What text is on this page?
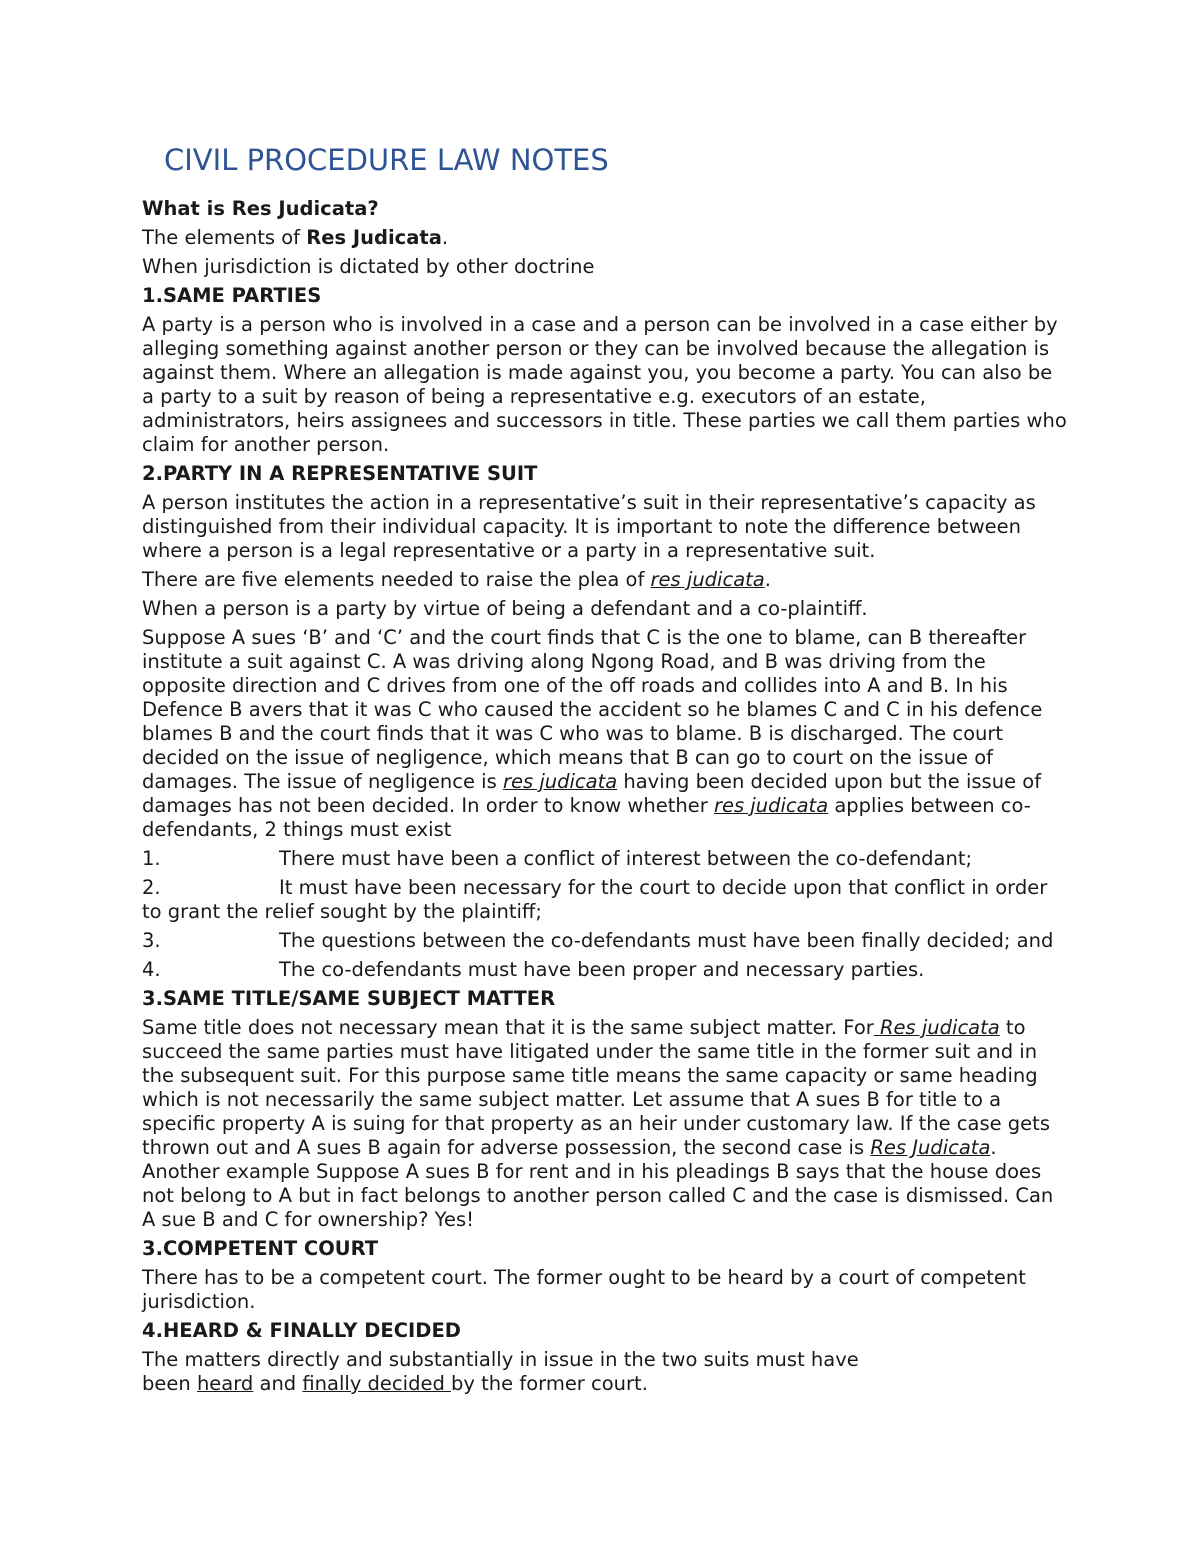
CIVIL PROCEDURE LAW NOTES

What is Res Judicata?

The elements of Res Judicata.

When jurisdiction is dictated by other doctrine

1.SAME PARTIES

A party is a person who is involved in a case and a person can be involved in a case either by alleging something against another person or they can be involved because the allegation is against them. Where an allegation is made against you, you become a party. You can also be a party to a suit by reason of being a representative e.g. executors of an estate, administrators, heirs assignees and successors in title. These parties we call them parties who claim for another person.

2.PARTY IN A REPRESENTATIVE SUIT

A person institutes the action in a representative’s suit in their representative’s capacity as distinguished from their individual capacity. It is important to note the difference between where a person is a legal representative or a party in a representative suit.

There are five elements needed to raise the plea of res judicata.

When a person is a party by virtue of being a defendant and a co-plaintiff.

Suppose A sues ‘B’ and ‘C’ and the court finds that C is the one to blame, can B thereafter institute a suit against C. A was driving along Ngong Road, and B was driving from the opposite direction and C drives from one of the off roads and collides into A and B. In his Defence B avers that it was C who caused the accident so he blames C and C in his defence blames B and the court finds that it was C who was to blame. B is discharged. The court decided on the issue of negligence, which means that B can go to court on the issue of damages. The issue of negligence is res judicata having been decided upon but the issue of damages has not been decided. In order to know whether res judicata applies between co-defendants, 2 things must exist

1.	There must have been a conflict of interest between the co-defendant;

2.	It must have been necessary for the court to decide upon that conflict in order to grant the relief sought by the plaintiff;

3.	The questions between the co-defendants must have been finally decided; and

4.	The co-defendants must have been proper and necessary parties.

3.SAME TITLE/SAME SUBJECT MATTER

Same title does not necessary mean that it is the same subject matter. For Res judicata to succeed the same parties must have litigated under the same title in the former suit and in the subsequent suit. For this purpose same title means the same capacity or same heading which is not necessarily the same subject matter. Let assume that A sues B for title to a specific property A is suing for that property as an heir under customary law. If the case gets thrown out and A sues B again for adverse possession, the second case is Res Judicata. Another example Suppose A sues B for rent and in his pleadings B says that the house does not belong to A but in fact belongs to another person called C and the case is dismissed. Can A sue B and C for ownership? Yes!

3.COMPETENT COURT

There has to be a competent court. The former ought to be heard by a court of competent jurisdiction.

4.HEARD & FINALLY DECIDED

The matters directly and substantially in issue in the two suits must have
been heard and finally decided by the former court.
